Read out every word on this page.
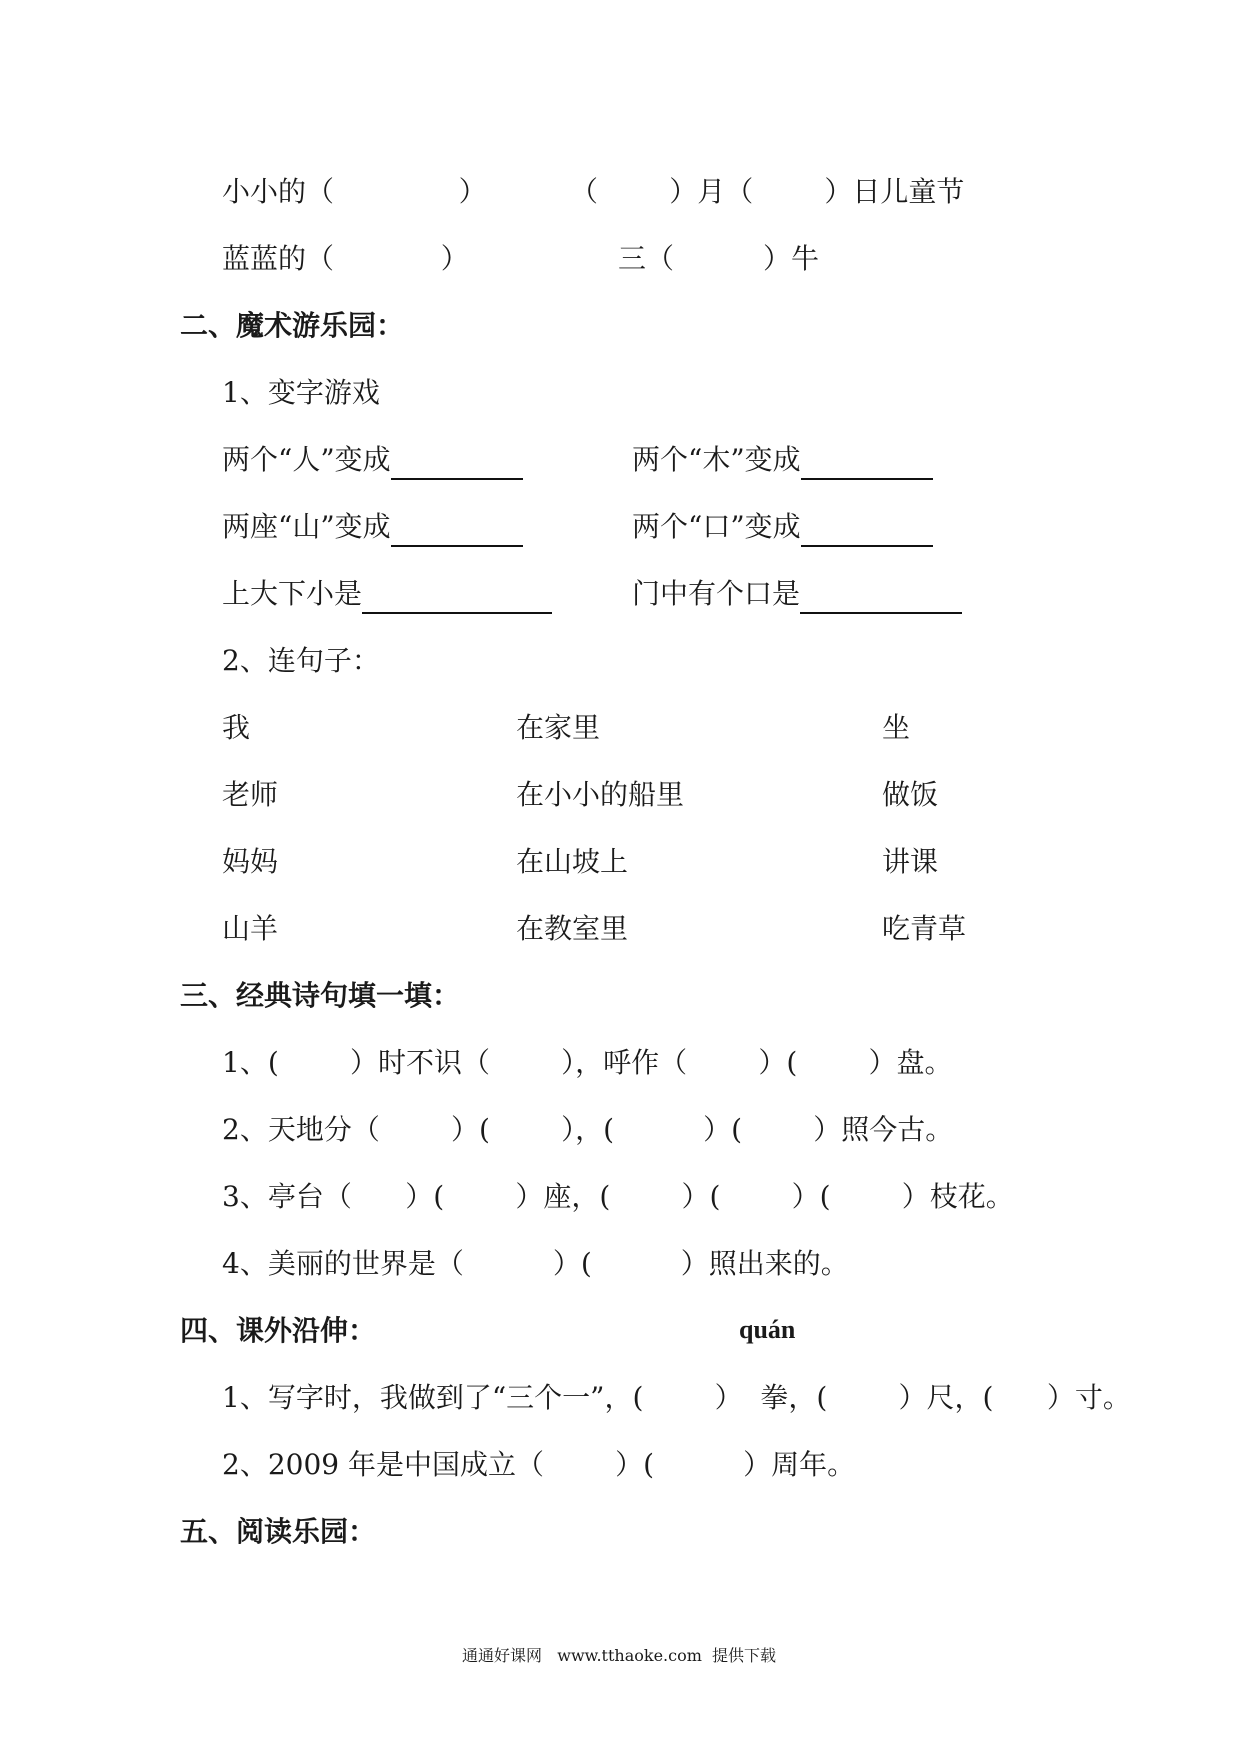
小小的（              ）	（        ）月（        ）日儿童节
蓝蓝的（            ）	三（          ）牛
二、魔术游乐园：
1、变字游戏
两个“人”变成	两个“木”变成
两座“山”变成	两个“口”变成
上大下小是	门中有个口是
2、连句子：
我	在家里	坐
老师	在小小的船里	做饭
妈妈	在山坡上	讲课
山羊	在教室里	吃青草
三、经典诗句填一填：
1、(        ）时不识（        ），呼作（        ）(        ）盘。
2、天地分（        ）(        ），(          ）(        ）照今古。
3、亭台（      ）(        ）座，(        ）(        ）(        ）枝花。
4、美丽的世界是（          ）(          ）照出来的。
四、课外沿伸：	quán
1、写字时，我做到了“三个一”，(        ）  拳，(        ）尺，(      ）寸。
2、2009 年是中国成立（        ）(          ）周年。
五、阅读乐园：
通通好课网   www.tthaoke.com  提供下载
